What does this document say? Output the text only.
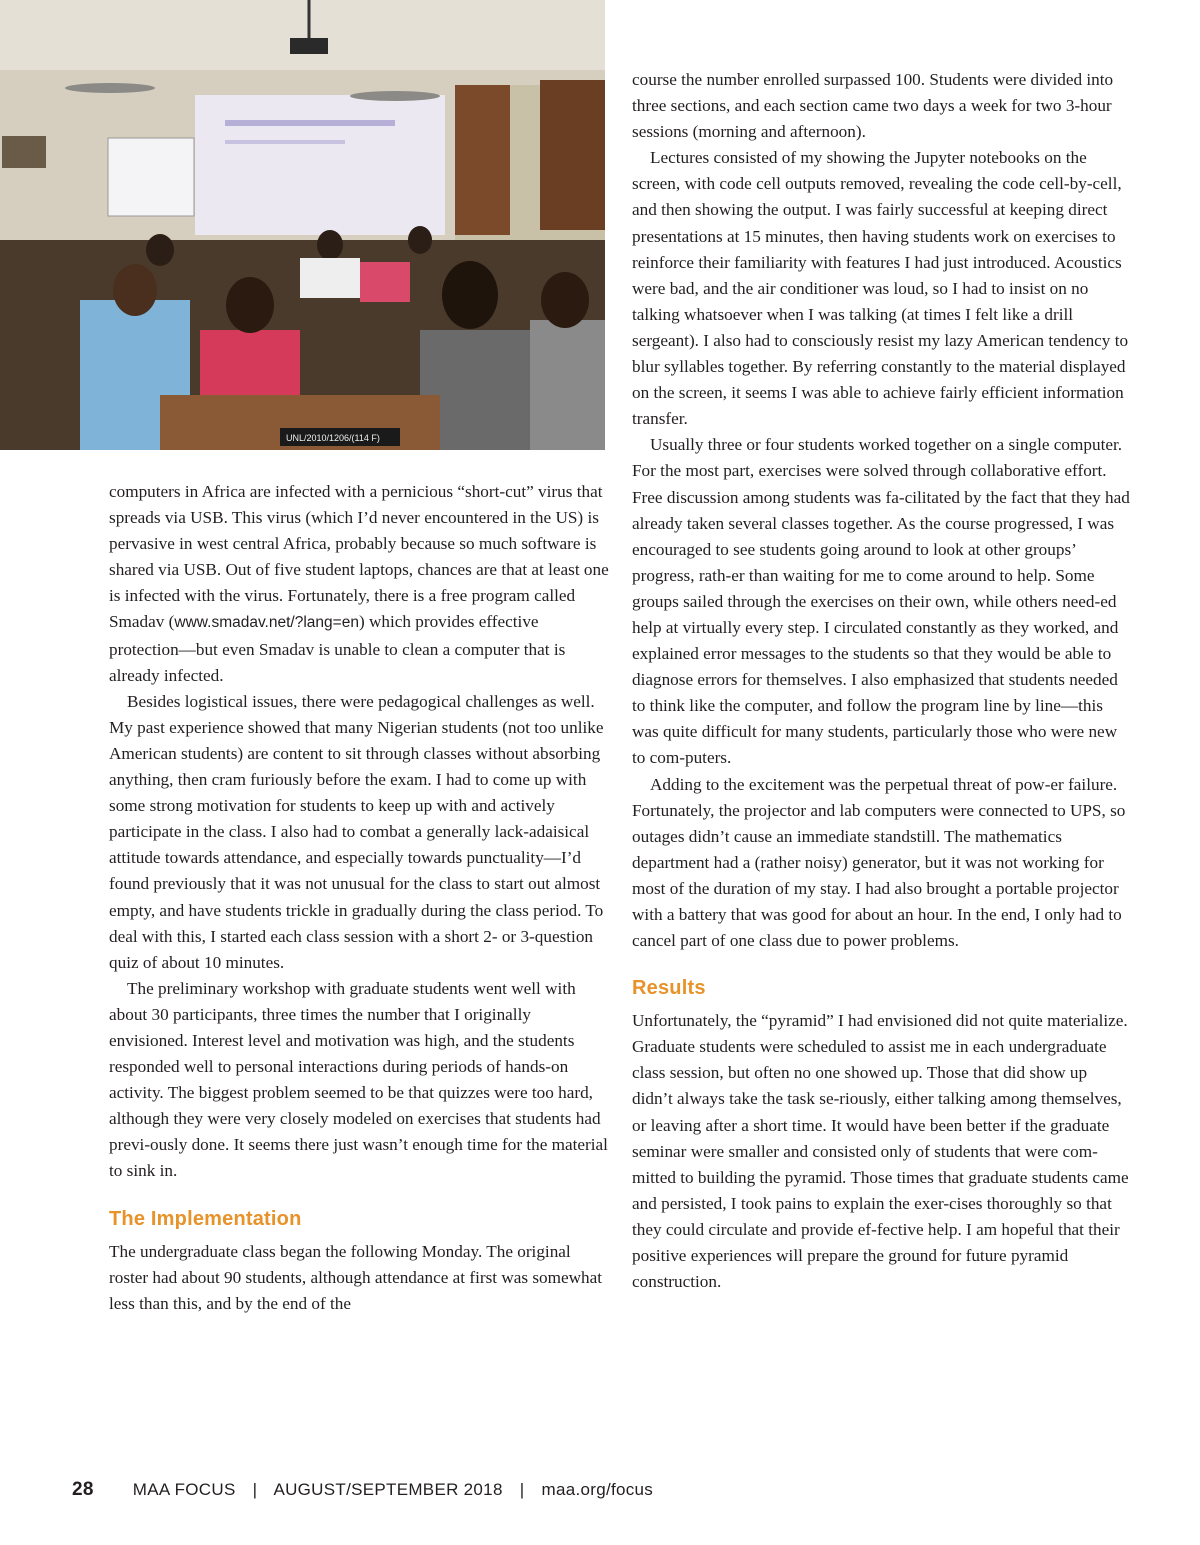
UNL/2010/1206/(114 F)

computers in Africa are infected with a pernicious “short-cut” virus that spreads via USB. This virus (which I’d never encountered in the US) is pervasive in west central Africa, probably because so much software is shared via USB. Out of five student laptops, chances are that at least one is infected with the virus. Fortunately, there is a free program called Smadav (www.smadav.net/?lang=en) which provides effective protection—but even Smadav is unable to clean a computer that is already infected.

Besides logistical issues, there were pedagogical challenges as well. My past experience showed that many Nigerian students (not too unlike American students) are content to sit through classes without absorbing anything, then cram furiously before the exam. I had to come up with some strong motivation for students to keep up with and actively participate in the class. I also had to combat a generally lack-adaisical attitude towards attendance, and especially towards punctuality—I’d found previously that it was not unusual for the class to start out almost empty, and have students trickle in gradually during the class period. To deal with this, I started each class session with a short 2- or 3-question quiz of about 10 minutes.

The preliminary workshop with graduate students went well with about 30 participants, three times the number that I originally envisioned. Interest level and motivation was high, and the students responded well to personal interactions during periods of hands-on activity. The biggest problem seemed to be that quizzes were too hard, although they were very closely modeled on exercises that students had previ-ously done. It seems there just wasn’t enough time for the material to sink in.

The Implementation

The undergraduate class began the following Monday. The original roster had about 90 students, although attendance at first was somewhat less than this, and by the end of the

course the number enrolled surpassed 100. Students were divided into three sections, and each section came two days a week for two 3-hour sessions (morning and afternoon).

Lectures consisted of my showing the Jupyter notebooks on the screen, with code cell outputs removed, revealing the code cell-by-cell, and then showing the output. I was fairly successful at keeping direct presentations at 15 minutes, then having students work on exercises to reinforce their familiarity with features I had just introduced. Acoustics were bad, and the air conditioner was loud, so I had to insist on no talking whatsoever when I was talking (at times I felt like a drill sergeant). I also had to consciously resist my lazy American tendency to blur syllables together. By referring constantly to the material displayed on the screen, it seems I was able to achieve fairly efficient information transfer.

Usually three or four students worked together on a single computer. For the most part, exercises were solved through collaborative effort. Free discussion among students was fa-cilitated by the fact that they had already taken several classes together. As the course progressed, I was encouraged to see students going around to look at other groups’ progress, rath-er than waiting for me to come around to help. Some groups sailed through the exercises on their own, while others need-ed help at virtually every step. I circulated constantly as they worked, and explained error messages to the students so that they would be able to diagnose errors for themselves. I also emphasized that students needed to think like the computer, and follow the program line by line—this was quite difficult for many students, particularly those who were new to com-puters.

Adding to the excitement was the perpetual threat of pow-er failure. Fortunately, the projector and lab computers were connected to UPS, so outages didn’t cause an immediate standstill. The mathematics department had a (rather noisy) generator, but it was not working for most of the duration of my stay. I had also brought a portable projector with a battery that was good for about an hour. In the end, I only had to cancel part of one class due to power problems.

Results

Unfortunately, the “pyramid” I had envisioned did not quite materialize. Graduate students were scheduled to assist me in each undergraduate class session, but often no one showed up. Those that did show up didn’t always take the task se-riously, either talking among themselves, or leaving after a short time. It would have been better if the graduate seminar were smaller and consisted only of students that were com-mitted to building the pyramid. Those times that graduate students came and persisted, I took pains to explain the exer-cises thoroughly so that they could circulate and provide ef-fective help. I am hopeful that their positive experiences will prepare the ground for future pyramid construction.

28 MAA FOCUS | AUGUST/SEPTEMBER 2018 | maa.org/focus
